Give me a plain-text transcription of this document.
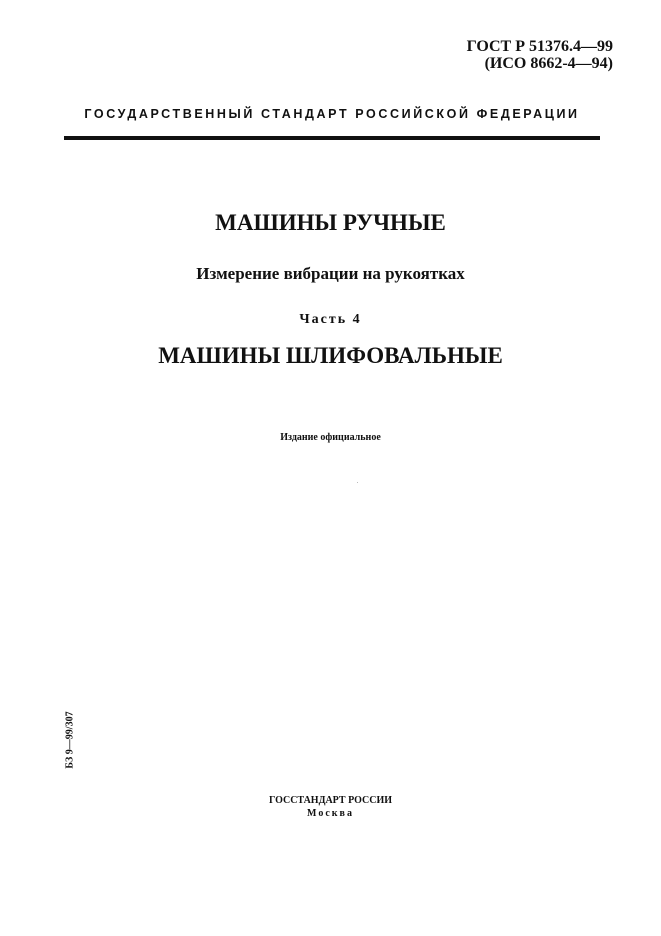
ГОСТ Р 51376.4—99
(ИСО 8662-4—94)
ГОСУДАРСТВЕННЫЙ СТАНДАРТ РОССИЙСКОЙ ФЕДЕРАЦИИ
МАШИНЫ РУЧНЫЕ
Измерение вибрации на рукоятках
Часть 4
МАШИНЫ ШЛИФОВАЛЬНЫЕ
Издание официальное
БЗ 9—99/307
ГОССТАНДАРТ РОССИИ
Москва
